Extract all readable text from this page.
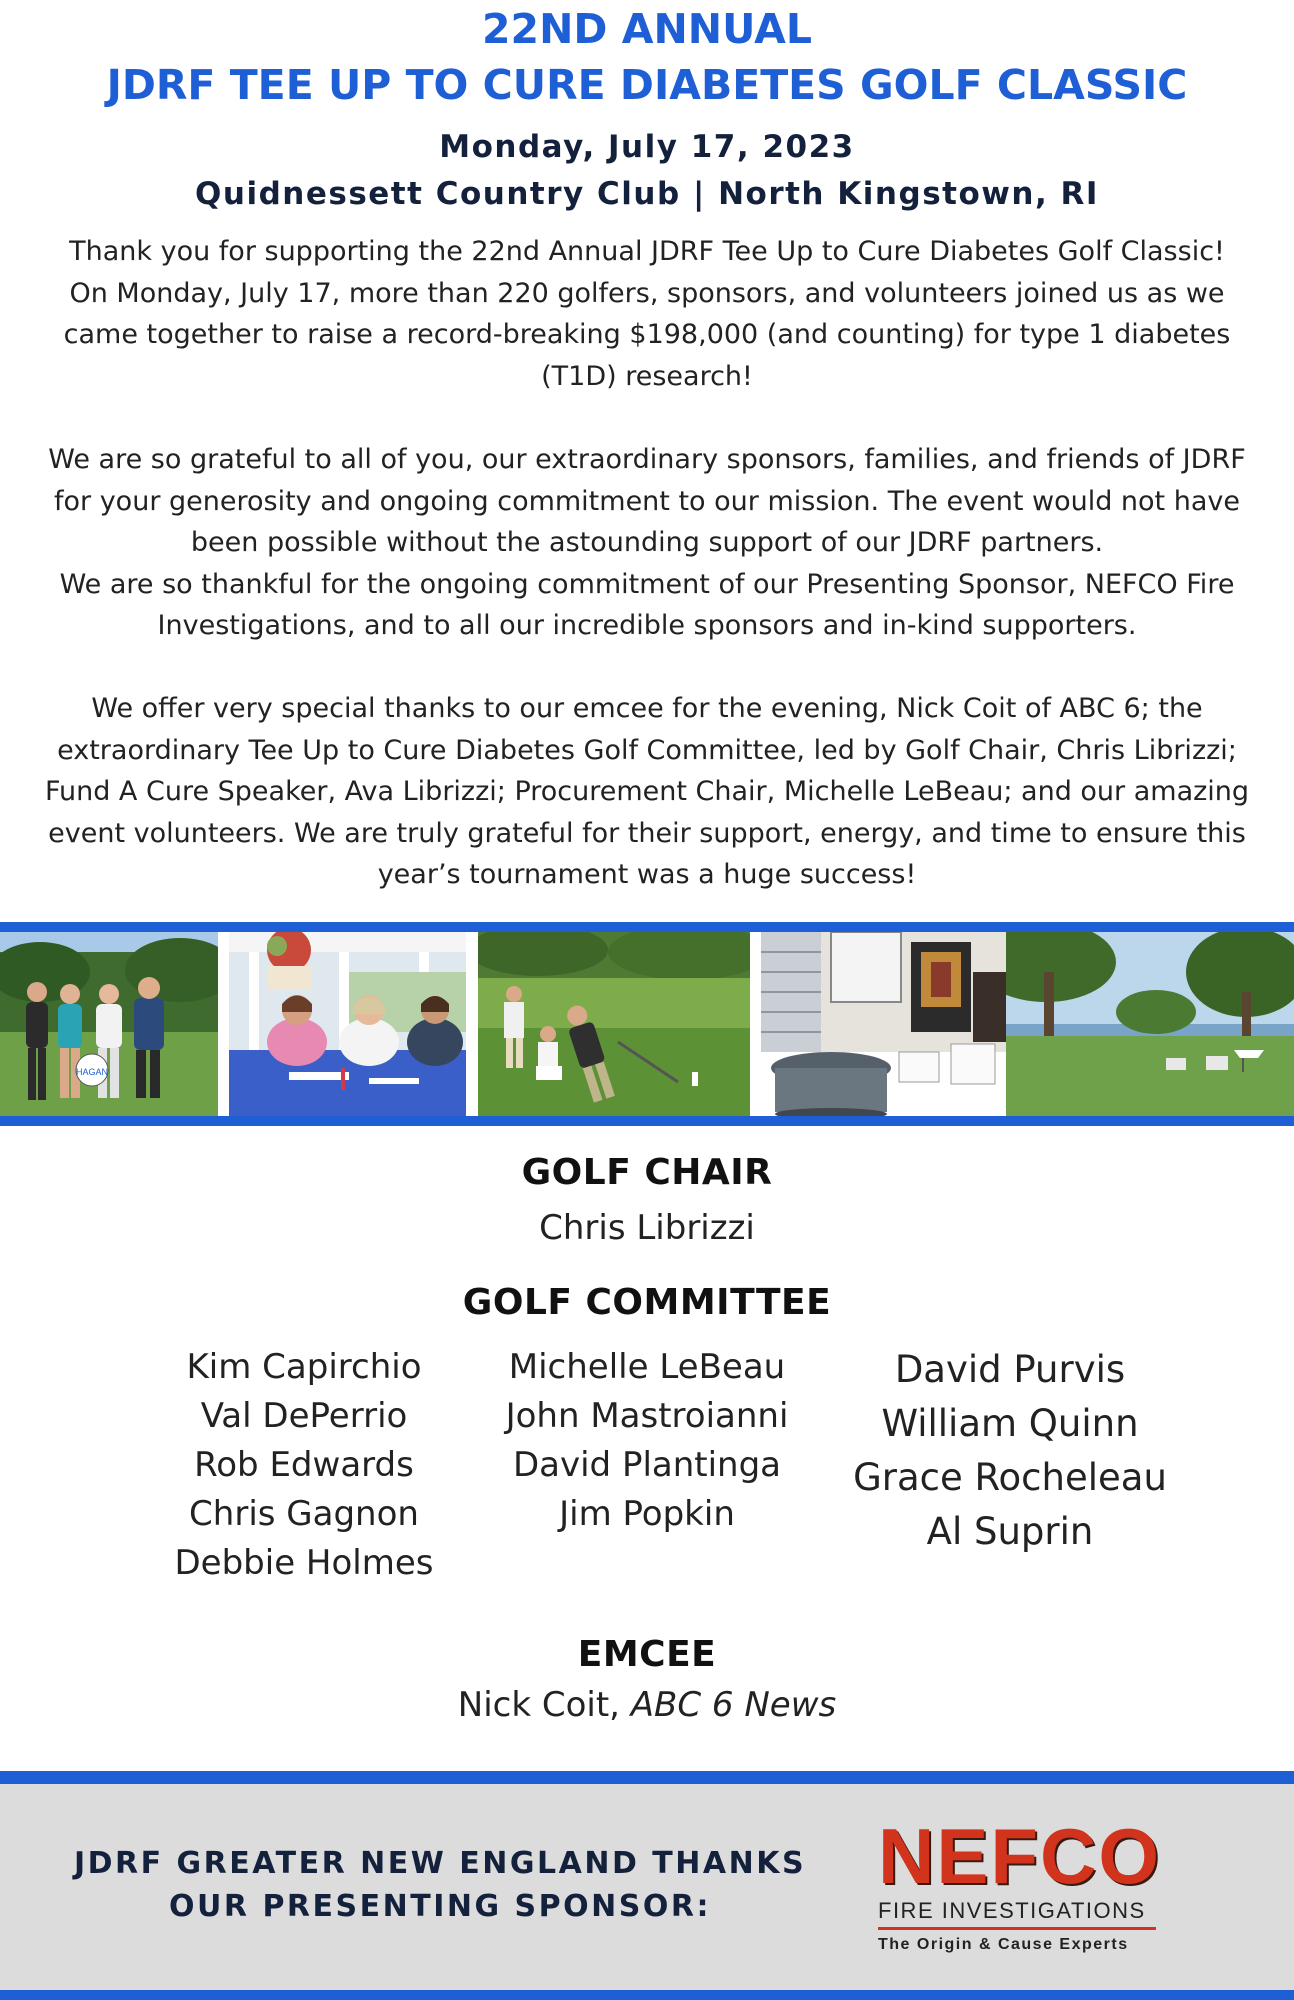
22ND ANNUAL
JDRF TEE UP TO CURE DIABETES GOLF CLASSIC
Monday, July 17, 2023
Quidnessett Country Club | North Kingstown, RI
Thank you for supporting the 22nd Annual JDRF Tee Up to Cure Diabetes Golf Classic!
On Monday, July 17, more than 220 golfers, sponsors, and volunteers joined us as we
came together to raise a record-breaking $198,000 (and counting) for type 1 diabetes
(T1D) research!
We are so grateful to all of you, our extraordinary sponsors, families, and friends of JDRF
for your generosity and ongoing commitment to our mission. The event would not have
been possible without the astounding support of our JDRF partners.
We are so thankful for the ongoing commitment of our Presenting Sponsor, NEFCO Fire
Investigations, and to all our incredible sponsors and in-kind supporters.
We offer very special thanks to our emcee for the evening, Nick Coit of ABC 6; the
extraordinary Tee Up to Cure Diabetes Golf Committee, led by Golf Chair, Chris Librizzi;
Fund A Cure Speaker, Ava Librizzi; Procurement Chair, Michelle LeBeau; and our amazing
event volunteers. We are truly grateful for their support, energy, and time to ensure this
year’s tournament was a huge success!
HAGAN
GOLF CHAIR
Chris Librizzi
GOLF COMMITTEE
Kim Capirchio
Val DePerrio
Rob Edwards
Chris Gagnon
Debbie Holmes
Michelle LeBeau
John Mastroianni
David Plantinga
Jim Popkin
David Purvis
William Quinn
Grace Rocheleau
Al Suprin
EMCEE
Nick Coit, ABC 6 News
JDRF GREATER NEW ENGLAND THANKS
OUR PRESENTING SPONSOR:
NEFCO
FIRE INVESTIGATIONS
The Origin & Cause Experts
